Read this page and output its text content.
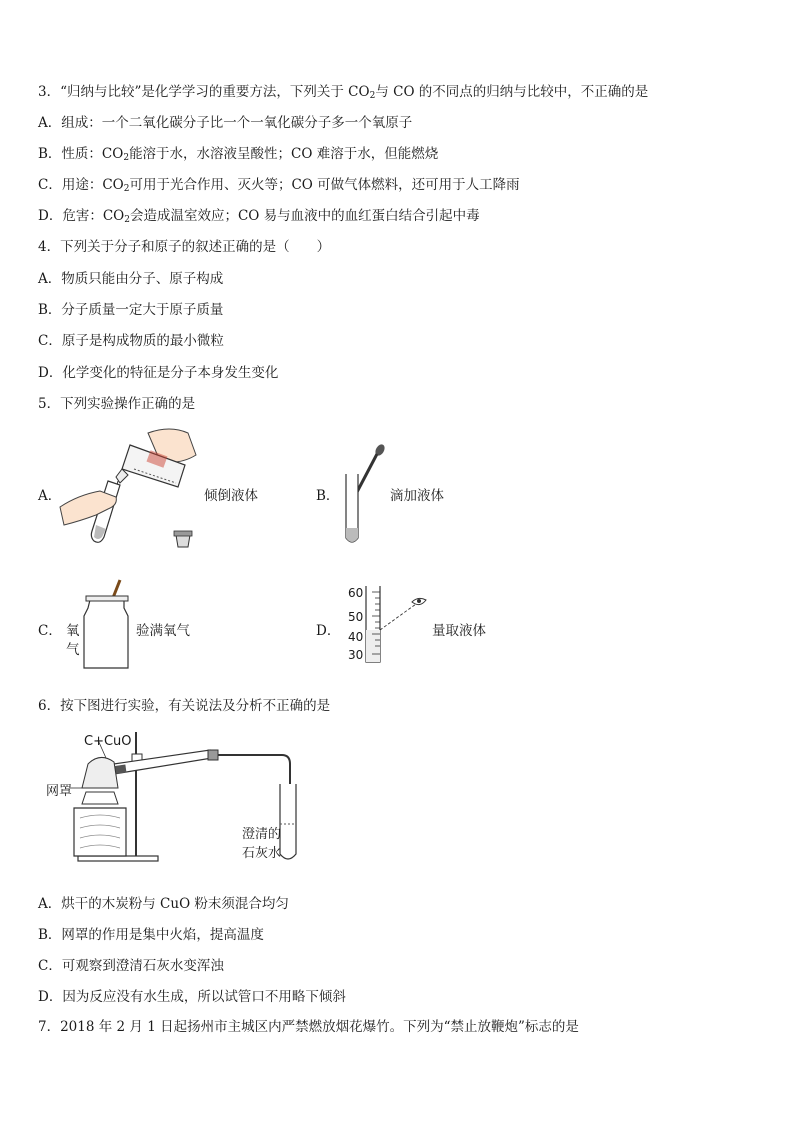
3．“归纳与比较”是化学学习的重要方法，下列关于 $CO_2$与 CO 的不同点的归纳与比较中，不正确的是
A．组成：一个二氧化碳分子比一个一氧化碳分子多一个氧原子
B．性质：$CO_2$能溶于水，水溶液呈酸性；CO 难溶于水，但能燃烧
C．用途：$CO_2$可用于光合作用、灭火等；CO 可做气体燃料，还可用于人工降雨
D．危害：$CO_2$会造成温室效应；CO 易与血液中的血红蛋白结合引起中毒
4．下列关于分子和原子的叙述正确的是（　　）
A．物质只能由分子、原子构成
B．分子质量一定大于原子质量
C．原子是构成物质的最小微粒
D．化学变化的特征是分子本身发生变化
5．下列实验操作正确的是
A．	倾倒液体	B．	滴加液体
C． 氧
气
验满氧气	D．
60
50
40
30
量取液体
6．按下图进行实验，有关说法及分析不正确的是
C+CuO
网罩
澄清的
石灰水
A．烘干的木炭粉与 CuO 粉末须混合均匀
B．网罩的作用是集中火焰，提高温度
C．可观察到澄清石灰水变浑浊
D．因为反应没有水生成，所以试管口不用略下倾斜
7．2018 年 2 月 1 日起扬州市主城区内严禁燃放烟花爆竹。下列为“禁止放鞭炮”标志的是
